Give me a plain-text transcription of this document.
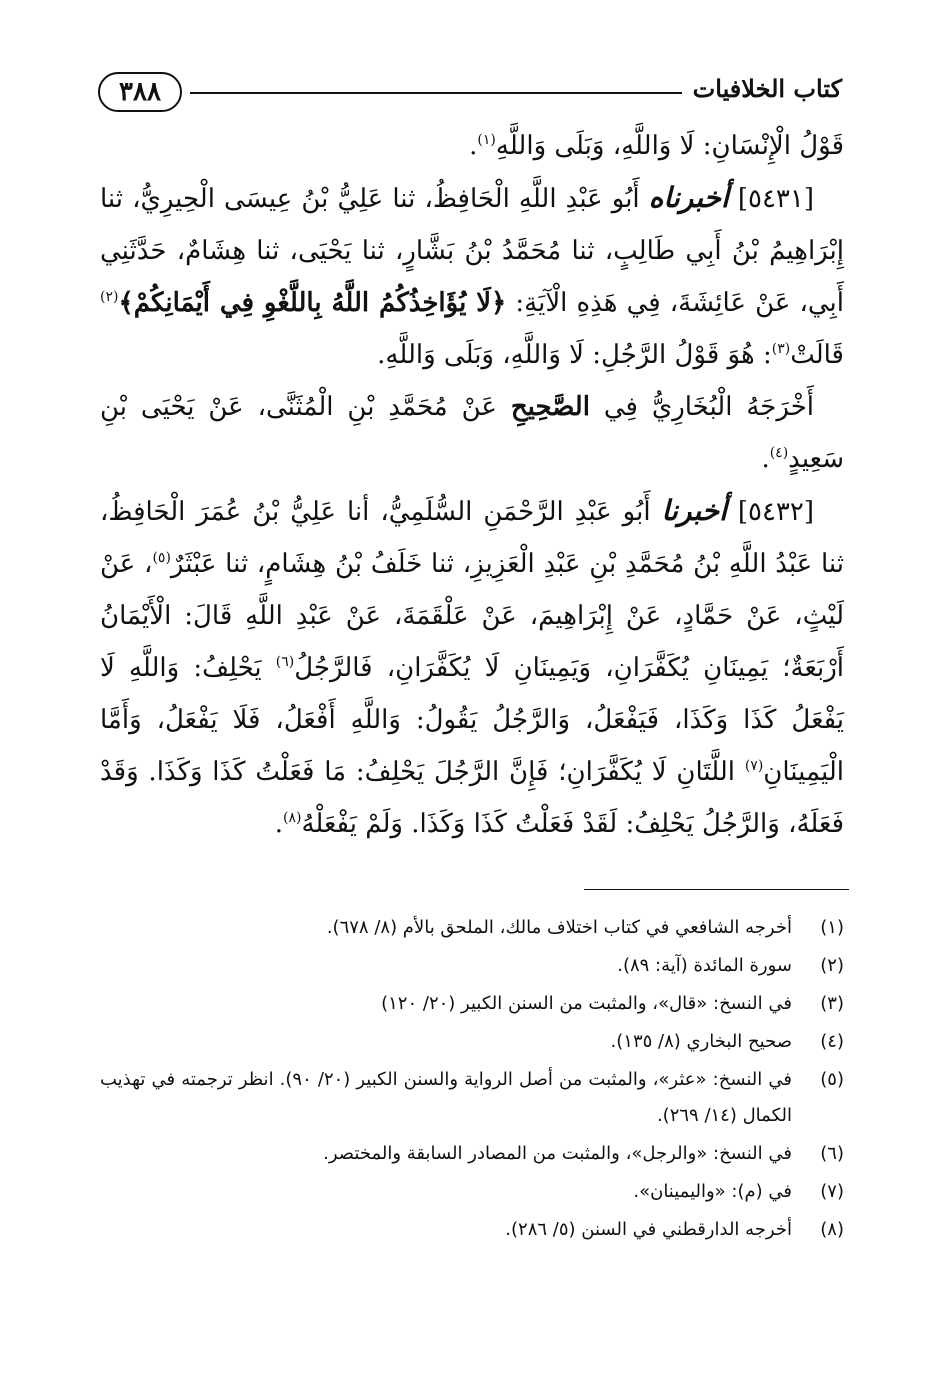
٣٨٨	كتاب الخلافيات

قَوْلُ الْإِنْسَانِ: لَا وَاللَّهِ، وَبَلَى وَاللَّهِ$^{(١)}$.

[٥٤٣١] أخبرناه أَبُو عَبْدِ اللَّهِ الْحَافِظُ، ثنا عَلِيُّ بْنُ عِيسَى الْحِيرِيُّ، ثنا إِبْرَاهِيمُ بْنُ أَبِي طَالِبٍ، ثنا مُحَمَّدُ بْنُ بَشَّارٍ، ثنا يَحْيَى، ثنا هِشَامٌ، حَدَّثَنِي أَبِي، عَنْ عَائِشَةَ، فِي هَذِهِ الْآيَةِ: ﴿لَا يُؤَاخِذُكُمُ اللَّهُ بِاللَّغْوِ فِي أَيْمَانِكُمْ﴾$^{(٢)}$ قَالَتْ$^{(٣)}$: هُوَ قَوْلُ الرَّجُلِ: لَا وَاللَّهِ، وَبَلَى وَاللَّهِ.

أَخْرَجَهُ الْبُخَارِيُّ فِي الصَّحِيحِ عَنْ مُحَمَّدِ بْنِ الْمُثَنَّى، عَنْ يَحْيَى بْنِ سَعِيدٍ$^{(٤)}$.

[٥٤٣٢] أخبرنا أَبُو عَبْدِ الرَّحْمَنِ السُّلَمِيُّ، أنا عَلِيُّ بْنُ عُمَرَ الْحَافِظُ، ثنا عَبْدُ اللَّهِ بْنُ مُحَمَّدِ بْنِ عَبْدِ الْعَزِيزِ، ثنا خَلَفُ بْنُ هِشَامٍ، ثنا عَبْثَرٌ$^{(٥)}$، عَنْ لَيْثٍ، عَنْ حَمَّادٍ، عَنْ إِبْرَاهِيمَ، عَنْ عَلْقَمَةَ، عَنْ عَبْدِ اللَّهِ قَالَ: الْأَيْمَانُ أَرْبَعَةٌ؛ يَمِينَانِ يُكَفَّرَانِ، وَيَمِينَانِ لَا يُكَفَّرَانِ، فَالرَّجُلُ$^{(٦)}$ يَحْلِفُ: وَاللَّهِ لَا يَفْعَلُ كَذَا وَكَذَا، فَيَفْعَلُ، وَالرَّجُلُ يَقُولُ: وَاللَّهِ أَفْعَلُ، فَلَا يَفْعَلُ، وَأَمَّا الْيَمِينَانِ$^{(٧)}$ اللَّتَانِ لَا يُكَفَّرَانِ؛ فَإِنَّ الرَّجُلَ يَحْلِفُ: مَا فَعَلْتُ كَذَا وَكَذَا. وَقَدْ فَعَلَهُ، وَالرَّجُلُ يَحْلِفُ: لَقَدْ فَعَلْتُ كَذَا وَكَذَا. وَلَمْ يَفْعَلْهُ$^{(٨)}$.

(١)
أخرجه الشافعي في كتاب اختلاف مالك، الملحق بالأم (٨/ ٦٧٨).
(٢)
سورة المائدة (آية: ٨٩).
(٣)
في النسخ: «قال»، والمثبت من السنن الكبير (٢٠/ ١٢٠)
(٤)
صحيح البخاري (٨/ ١٣٥).
(٥)
في النسخ: «عثر»، والمثبت من أصل الرواية والسنن الكبير (٢٠/ ٩٠). انظر ترجمته في تهذيب الكمال (١٤/ ٢٦٩).
(٦)
في النسخ: «والرجل»، والمثبت من المصادر السابقة والمختصر.
(٧)
في (م): «واليمينان».
(٨)
أخرجه الدارقطني في السنن (٥/ ٢٨٦).
